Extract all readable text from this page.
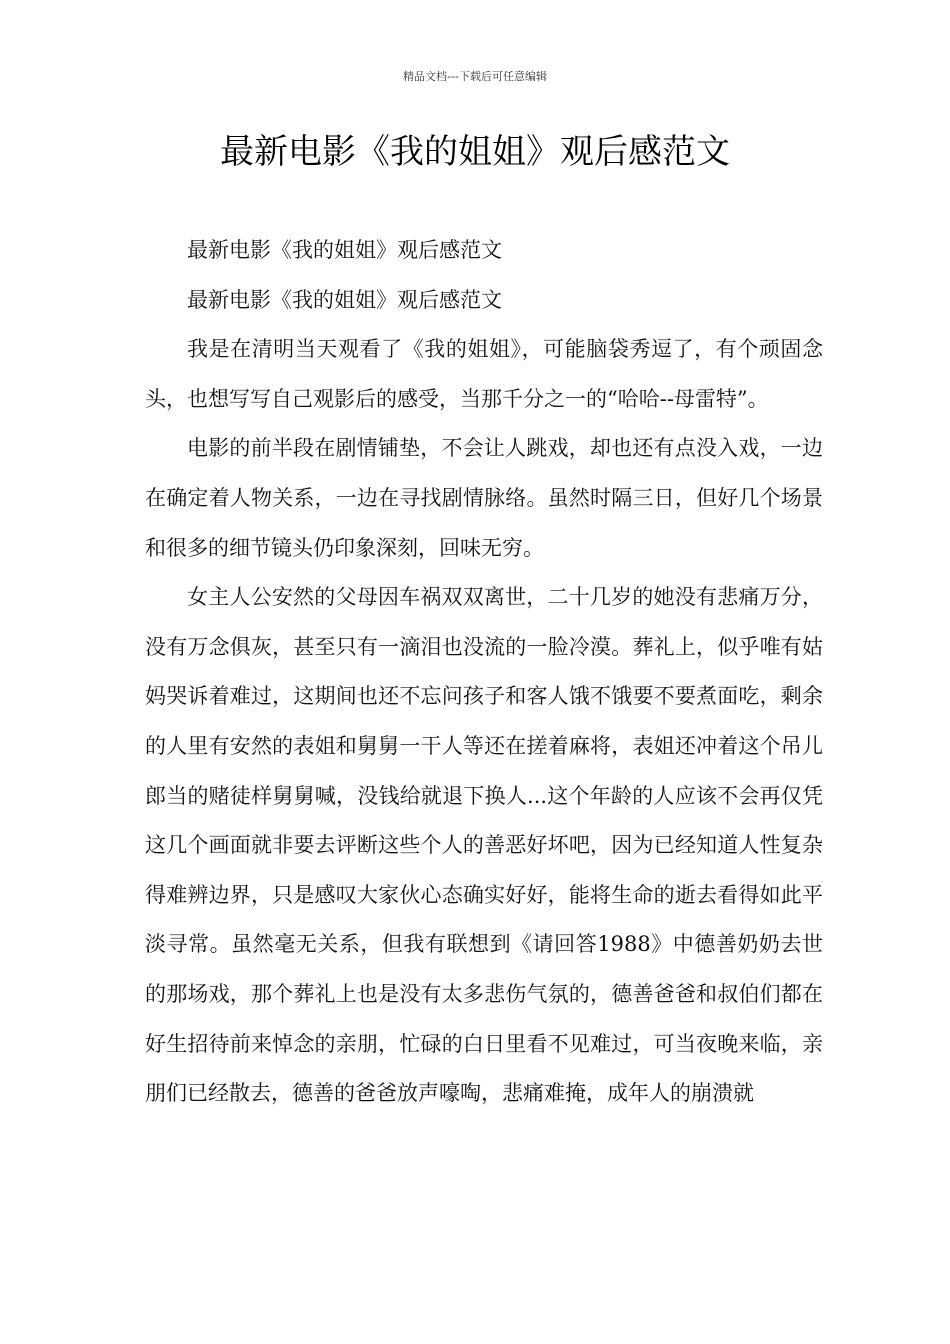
精品文档---下载后可任意编辑
最新电影《我的姐姐》观后感范文

最新电影《我的姐姐》观后感范文

最新电影《我的姐姐》观后感范文

我是在清明当天观看了《我的姐姐》，可能脑袋秀逗了，有个顽固念头，也想写写自己观影后的感受，当那千分之一的“哈哈--母雷特”。

电影的前半段在剧情铺垫，不会让人跳戏，却也还有点没入戏，一边在确定着人物关系，一边在寻找剧情脉络。虽然时隔三日，但好几个场景和很多的细节镜头仍印象深刻，回味无穷。

女主人公安然的父母因车祸双双离世，二十几岁的她没有悲痛万分，没有万念俱灰，甚至只有一滴泪也没流的一脸冷漠。葬礼上，似乎唯有姑妈哭诉着难过，这期间也还不忘问孩子和客人饿不饿要不要煮面吃，剩余的人里有安然的表姐和舅舅一干人等还在搓着麻将，表姐还冲着这个吊儿郎当的赌徒样舅舅喊，没钱给就退下换人...这个年龄的人应该不会再仅凭这几个画面就非要去评断这些个人的善恶好坏吧，因为已经知道人性复杂得难辨边界，只是感叹大家伙心态确实好好，能将生命的逝去看得如此平淡寻常。虽然毫无关系，但我有联想到《请回答1988》中德善奶奶去世的那场戏，那个葬礼上也是没有太多悲伤气氛的，德善爸爸和叔伯们都在好生招待前来悼念的亲朋，忙碌的白日里看不见难过，可当夜晚来临，亲朋们已经散去，德善的爸爸放声嚎啕，悲痛难掩，成年人的崩溃就
